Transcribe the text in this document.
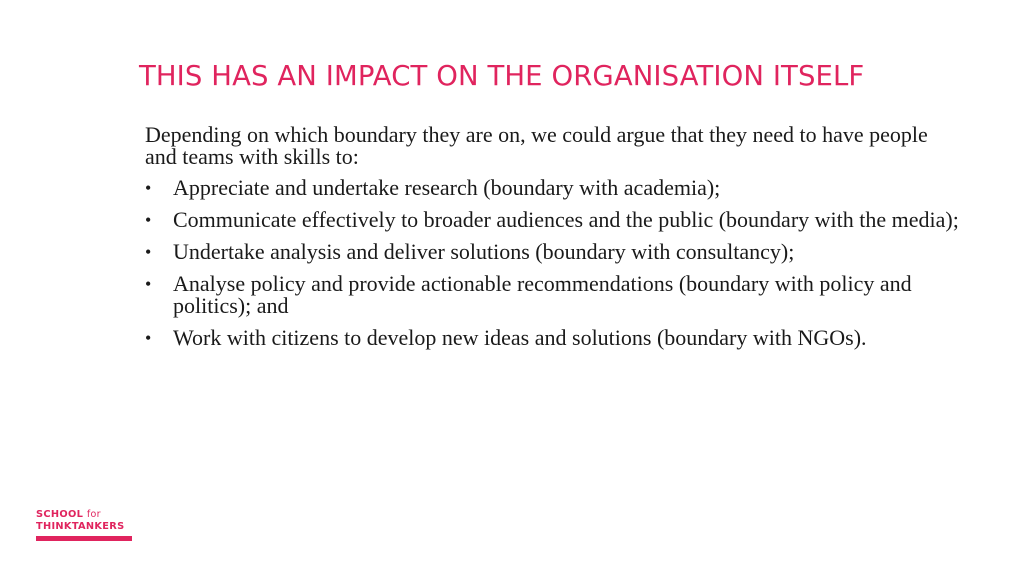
THIS HAS AN IMPACT ON THE ORGANISATION ITSELF

Depending on which boundary they are on, we could argue that they need to have people and teams with skills to:

• Appreciate and undertake research (boundary with academia);
• Communicate effectively to broader audiences and the public (boundary with the media);
• Undertake analysis and deliver solutions (boundary with consultancy);
• Analyse policy and provide actionable recommendations (boundary with policy and politics); and
• Work with citizens to develop new ideas and solutions (boundary with NGOs).
SCHOOL for
THINKTANKERS
